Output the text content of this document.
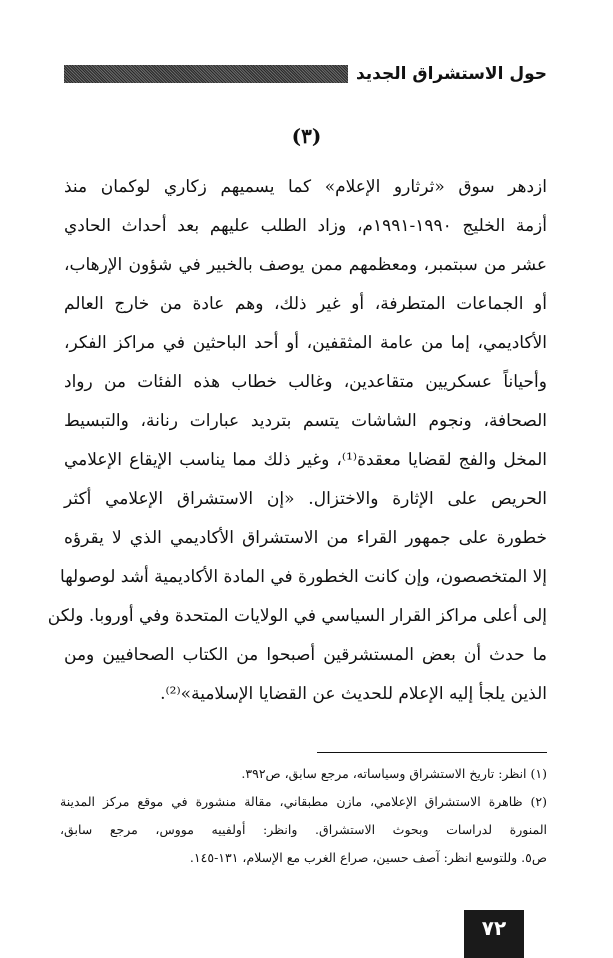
حول الاستشراق الجديد
(٣)

ازدهر سوق «ثرثارو الإعلام» كما يسميهم زكاري لوكمان منذ

أزمة الخليج ١٩٩٠-١٩٩١م، وزاد الطلب عليهم بعد أحداث الحادي

عشر من سبتمبر، ومعظمهم ممن يوصف بالخبير في شؤون الإرهاب،

أو الجماعات المتطرفة، أو غير ذلك، وهم عادة من خارج العالم

الأكاديمي، إما من عامة المثقفين، أو أحد الباحثين في مراكز الفكر،

وأحياناً عسكريين متقاعدين، وغالب خطاب هذه الفئات من رواد

الصحافة، ونجوم الشاشات يتسم بترديد عبارات رنانة، والتبسيط

المخل والفج لقضايا معقدة⁽¹⁾، وغير ذلك مما يناسب الإيقاع الإعلامي

الحريص على الإثارة والاختزال. «إن الاستشراق الإعلامي أكثر

خطورة على جمهور القراء من الاستشراق الأكاديمي الذي لا يقرؤه

إلا المتخصصون، وإن كانت الخطورة في المادة الأكاديمية أشد لوصولها

إلى أعلى مراكز القرار السياسي في الولايات المتحدة وفي أوروبا. ولكن

ما حدث أن بعض المستشرقين أصبحوا من الكتاب الصحافيين ومن

الذين يلجأ إليه الإعلام للحديث عن القضايا الإسلامية»⁽²⁾.

(١) انظر: تاريخ الاستشراق وسياساته، مرجع سابق، ص٣٩٢.

(٢) ظاهرة الاستشراق الإعلامي، مازن مطبقاني، مقالة منشورة في موقع مركز المدينة

المنورة لدراسات وبحوث الاستشراق. وانظر: أولفييه مووس، مرجع سابق،

ص٥. وللتوسع انظر: آصف حسين، صراع الغرب مع الإسلام، ١٣١-١٤٥.

٧٢
